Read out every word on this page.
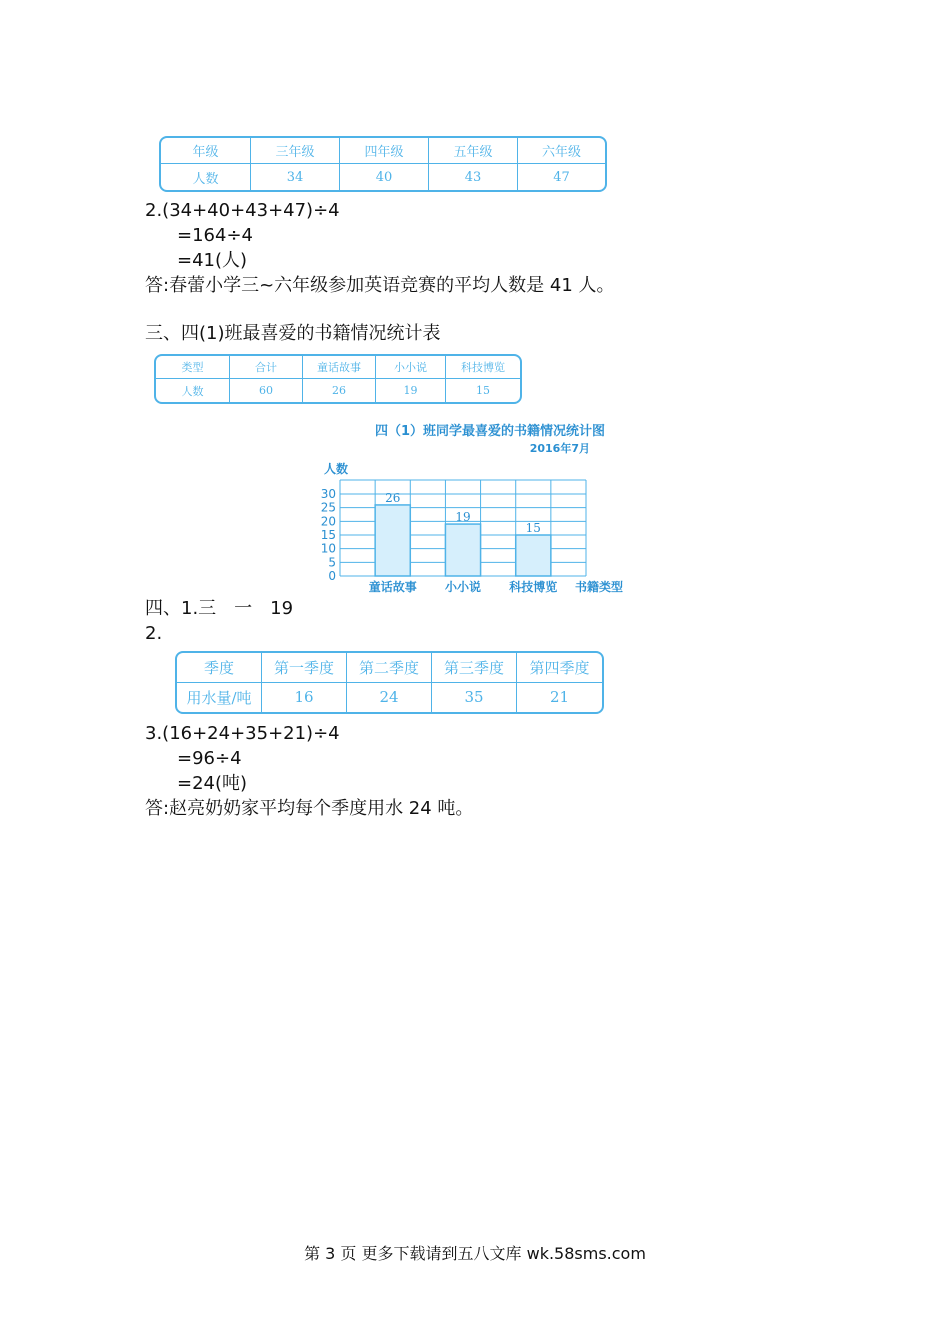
年级	三年级	四年级	五年级	六年级
人数	34	40	43	47
2.(34+40+43+47)÷4
=164÷4
=41(人)
答:春蕾小学三~六年级参加英语竞赛的平均人数是 41 人。
三、四(1)班最喜爱的书籍情况统计表
类型	合计	童话故事	小小说	科技博览
人数	60	26	19	15
四（1）班同学最喜爱的书籍情况统计图
2016年7月
人数
书籍类型
26
19
15
0
5
10
15
20
25
30
童话故事 小小说 科技博览
四、1.三　一　19
2.
季度	第一季度	第二季度	第三季度	第四季度
用水量/吨	16	24	35	21
3.(16+24+35+21)÷4
=96÷4
=24(吨)
答:赵亮奶奶家平均每个季度用水 24 吨。
第 3 页 更多下载请到五八文库 wk.58sms.com
